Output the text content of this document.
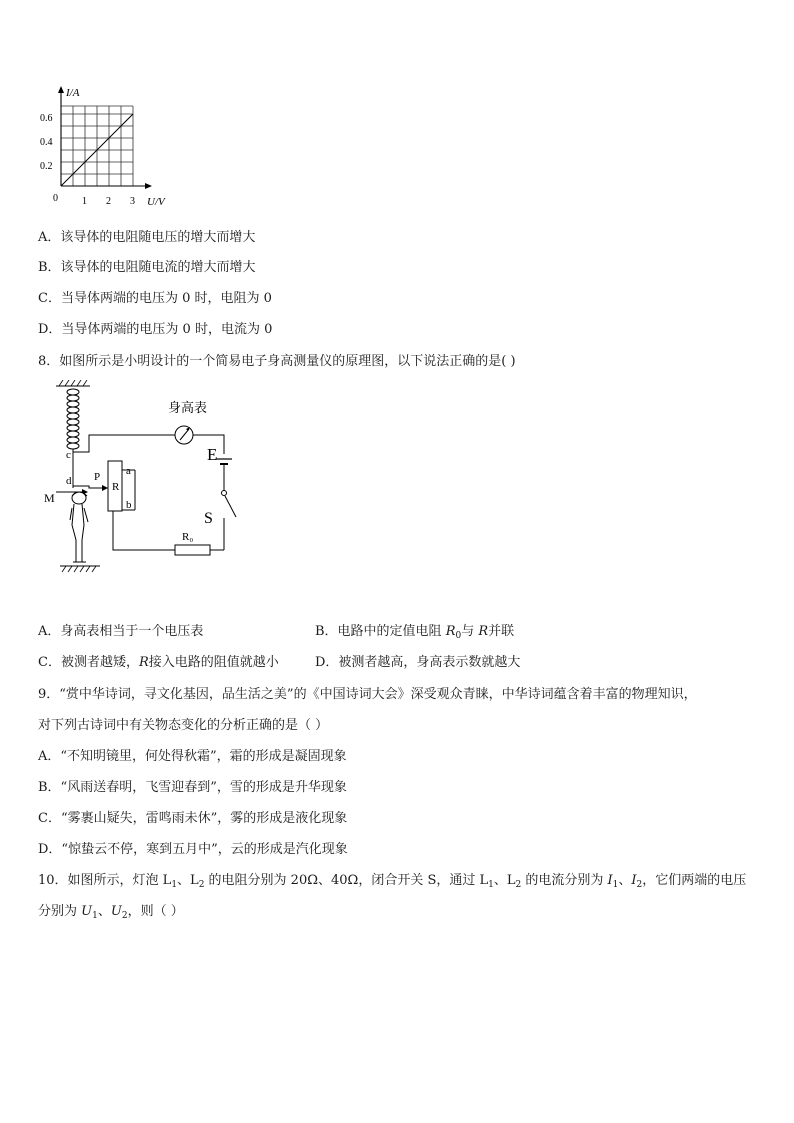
I/A
0.2
0.4
0.6
0 1 2 3 U/V
A．该导体的电阻随电压的增大而增大
B．该导体的电阻随电流的增大而增大
C．当导体两端的电压为 0 时，电阻为 0
D．当导体两端的电压为 0 时，电流为 0
8．如图所示是小明设计的一个简易电子身高测量仪的原理图，以下说法正确的是( )
身高表
E
S
R₀
P a
R
b
c
d
M
A．身高表相当于一个电压表	B．电路中的定值电阻 $R_0$与 R并联
C．被测者越矮，R接入电路的阻值就越小	D．被测者越高，身高表示数就越大
9．“赏中华诗词，寻文化基因，品生活之美”的《中国诗词大会》深受观众青睐，中华诗词蕴含着丰富的物理知识，
对下列古诗词中有关物态变化的分析正确的是（ ）
A．“不知明镜里，何处得秋霜”，霜的形成是凝固现象
B．“风雨送春明，飞雪迎春到”，雪的形成是升华现象
C．“雾裹山疑失，雷鸣雨未休”，雾的形成是液化现象
D．“惊蛰云不停，寒到五月中”，云的形成是汽化现象
10．如图所示，灯泡 $L_1$、$L_2$ 的电阻分别为 20Ω、40Ω，闭合开关 S，通过 $L_1$、$L_2$ 的电流分别为 $I_1$、$I_2$，它们两端的电压
分别为 $U_1$、$U_2$，则（ ）
